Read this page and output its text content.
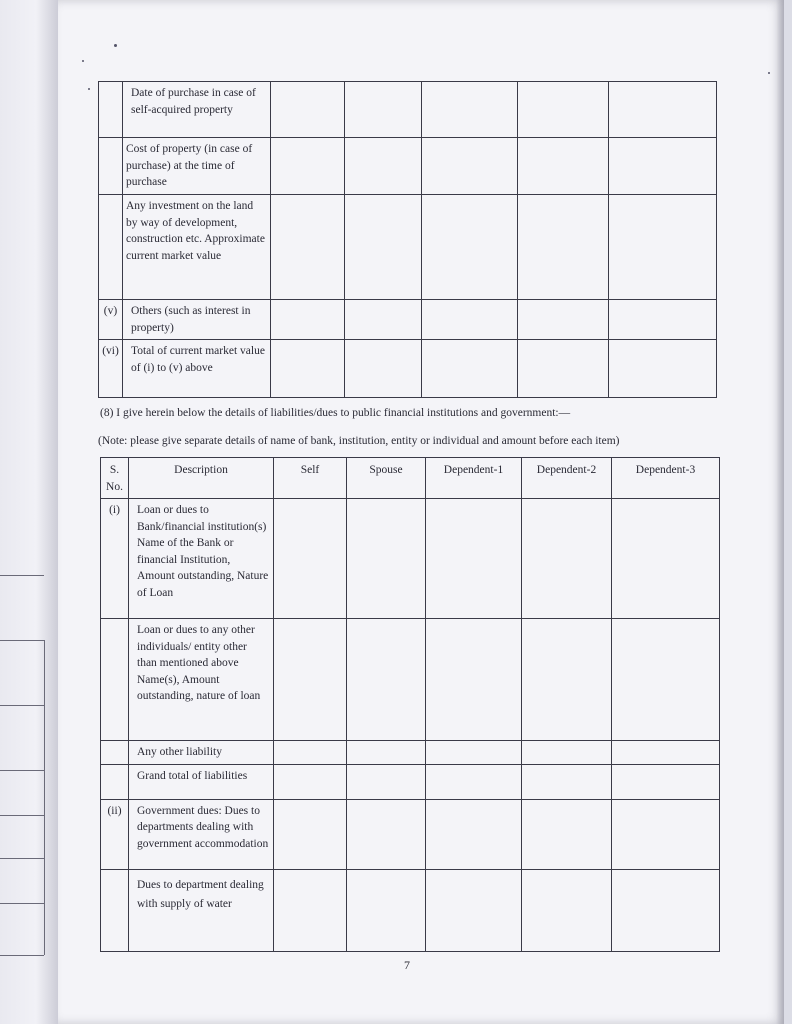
	Date of purchase in case of self-acquired property					
	Cost of property (in case of purchase) at the time of purchase					
	Any investment on the land by way of development, construction etc. Approximate current market value					
(v)	Others (such as interest in property)					
(vi)	Total of current market value of (i) to (v) above					
(8) I give herein below the details of liabilities/dues to public financial institutions and government:—
(Note: please give separate details of name of bank, institution, entity or individual and amount before each item)
S. No.	Description	Self	Spouse	Dependent-1	Dependent-2	Dependent-3
(i)	Loan or dues to Bank/financial institution(s) Name of the Bank or financial Institution, Amount outstanding, Nature of Loan					
	Loan or dues to any other individuals/ entity other than mentioned above Name(s), Amount outstanding, nature of loan					
	Any other liability					
	Grand total of liabilities					
(ii)	Government dues: Dues to departments dealing with government accommodation					
	Dues to department dealing with supply of water					
7
